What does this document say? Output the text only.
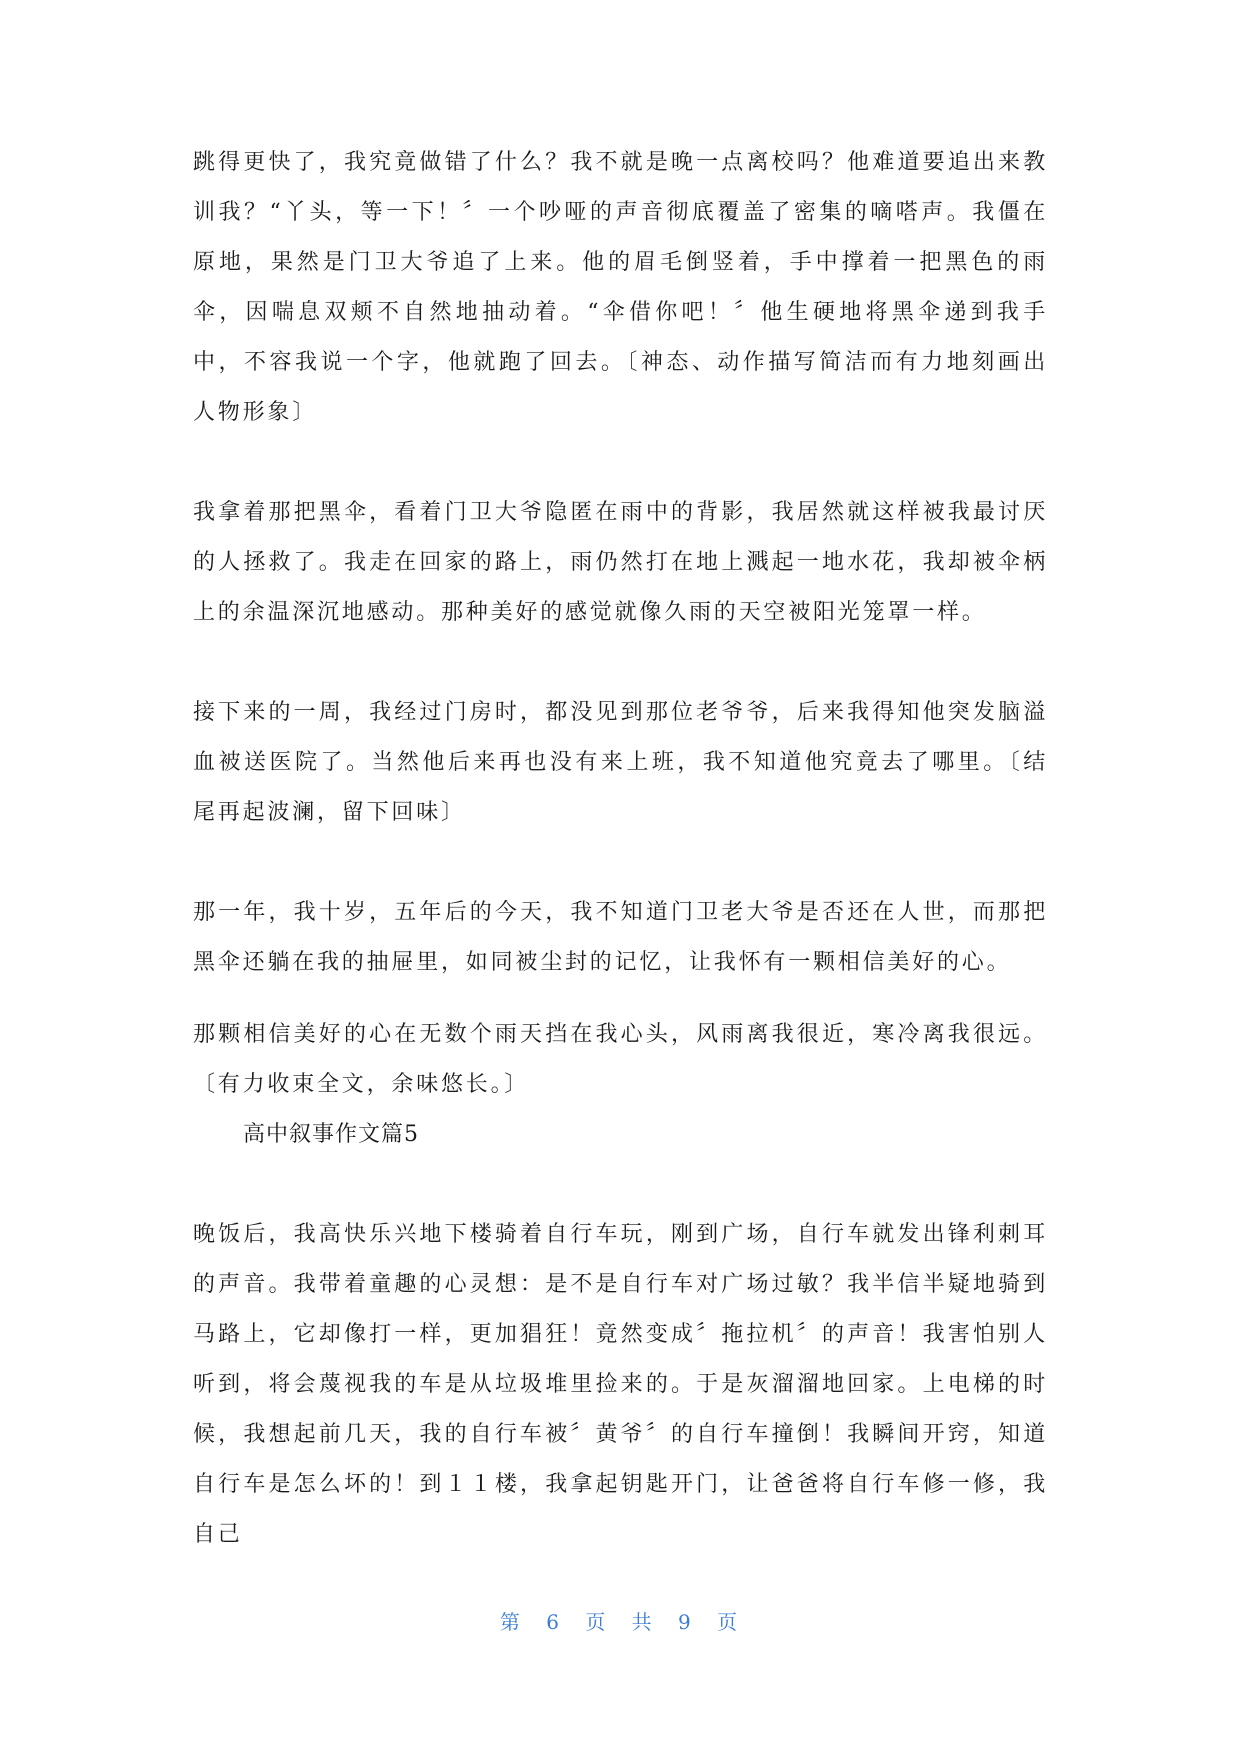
跳得更快了，我究竟做错了什么？我不就是晚一点离校吗？他难道要追出来教训我？“丫头，等一下！〞一个吵哑的声音彻底覆盖了密集的嘀嗒声。我僵在原地，果然是门卫大爷追了上来。他的眉毛倒竖着，手中撑着一把黑色的雨伞，因喘息双颊不自然地抽动着。“伞借你吧！〞他生硬地将黑伞递到我手中，不容我说一个字，他就跑了回去。〔神态、动作描写简洁而有力地刻画出人物形象〕

我拿着那把黑伞，看着门卫大爷隐匿在雨中的背影，我居然就这样被我最讨厌的人拯救了。我走在回家的路上，雨仍然打在地上溅起一地水花，我却被伞柄上的余温深沉地感动。那种美好的感觉就像久雨的天空被阳光笼罩一样。

接下来的一周，我经过门房时，都没见到那位老爷爷，后来我得知他突发脑溢血被送医院了。当然他后来再也没有来上班，我不知道他究竟去了哪里。〔结尾再起波澜，留下回味〕

那一年，我十岁，五年后的今天，我不知道门卫老大爷是否还在人世，而那把黑伞还躺在我的抽屉里，如同被尘封的记忆，让我怀有一颗相信美好的心。

那颗相信美好的心在无数个雨天挡在我心头，风雨离我很近，寒冷离我很远。〔有力收束全文，余味悠长。〕

高中叙事作文篇5

晚饭后，我高快乐兴地下楼骑着自行车玩，刚到广场，自行车就发出锋利刺耳的声音。我带着童趣的心灵想：是不是自行车对广场过敏？我半信半疑地骑到马路上，它却像打一样，更加猖狂！竟然变成〞拖拉机〞的声音！我害怕别人听到，将会蔑视我的车是从垃圾堆里捡来的。于是灰溜溜地回家。上电梯的时候，我想起前几天，我的自行车被〞黄爷〞的自行车撞倒！我瞬间开窍，知道自行车是怎么坏的！到１１楼，我拿起钥匙开门，让爸爸将自行车修一修，我自己

第 6 页 共 9 页
